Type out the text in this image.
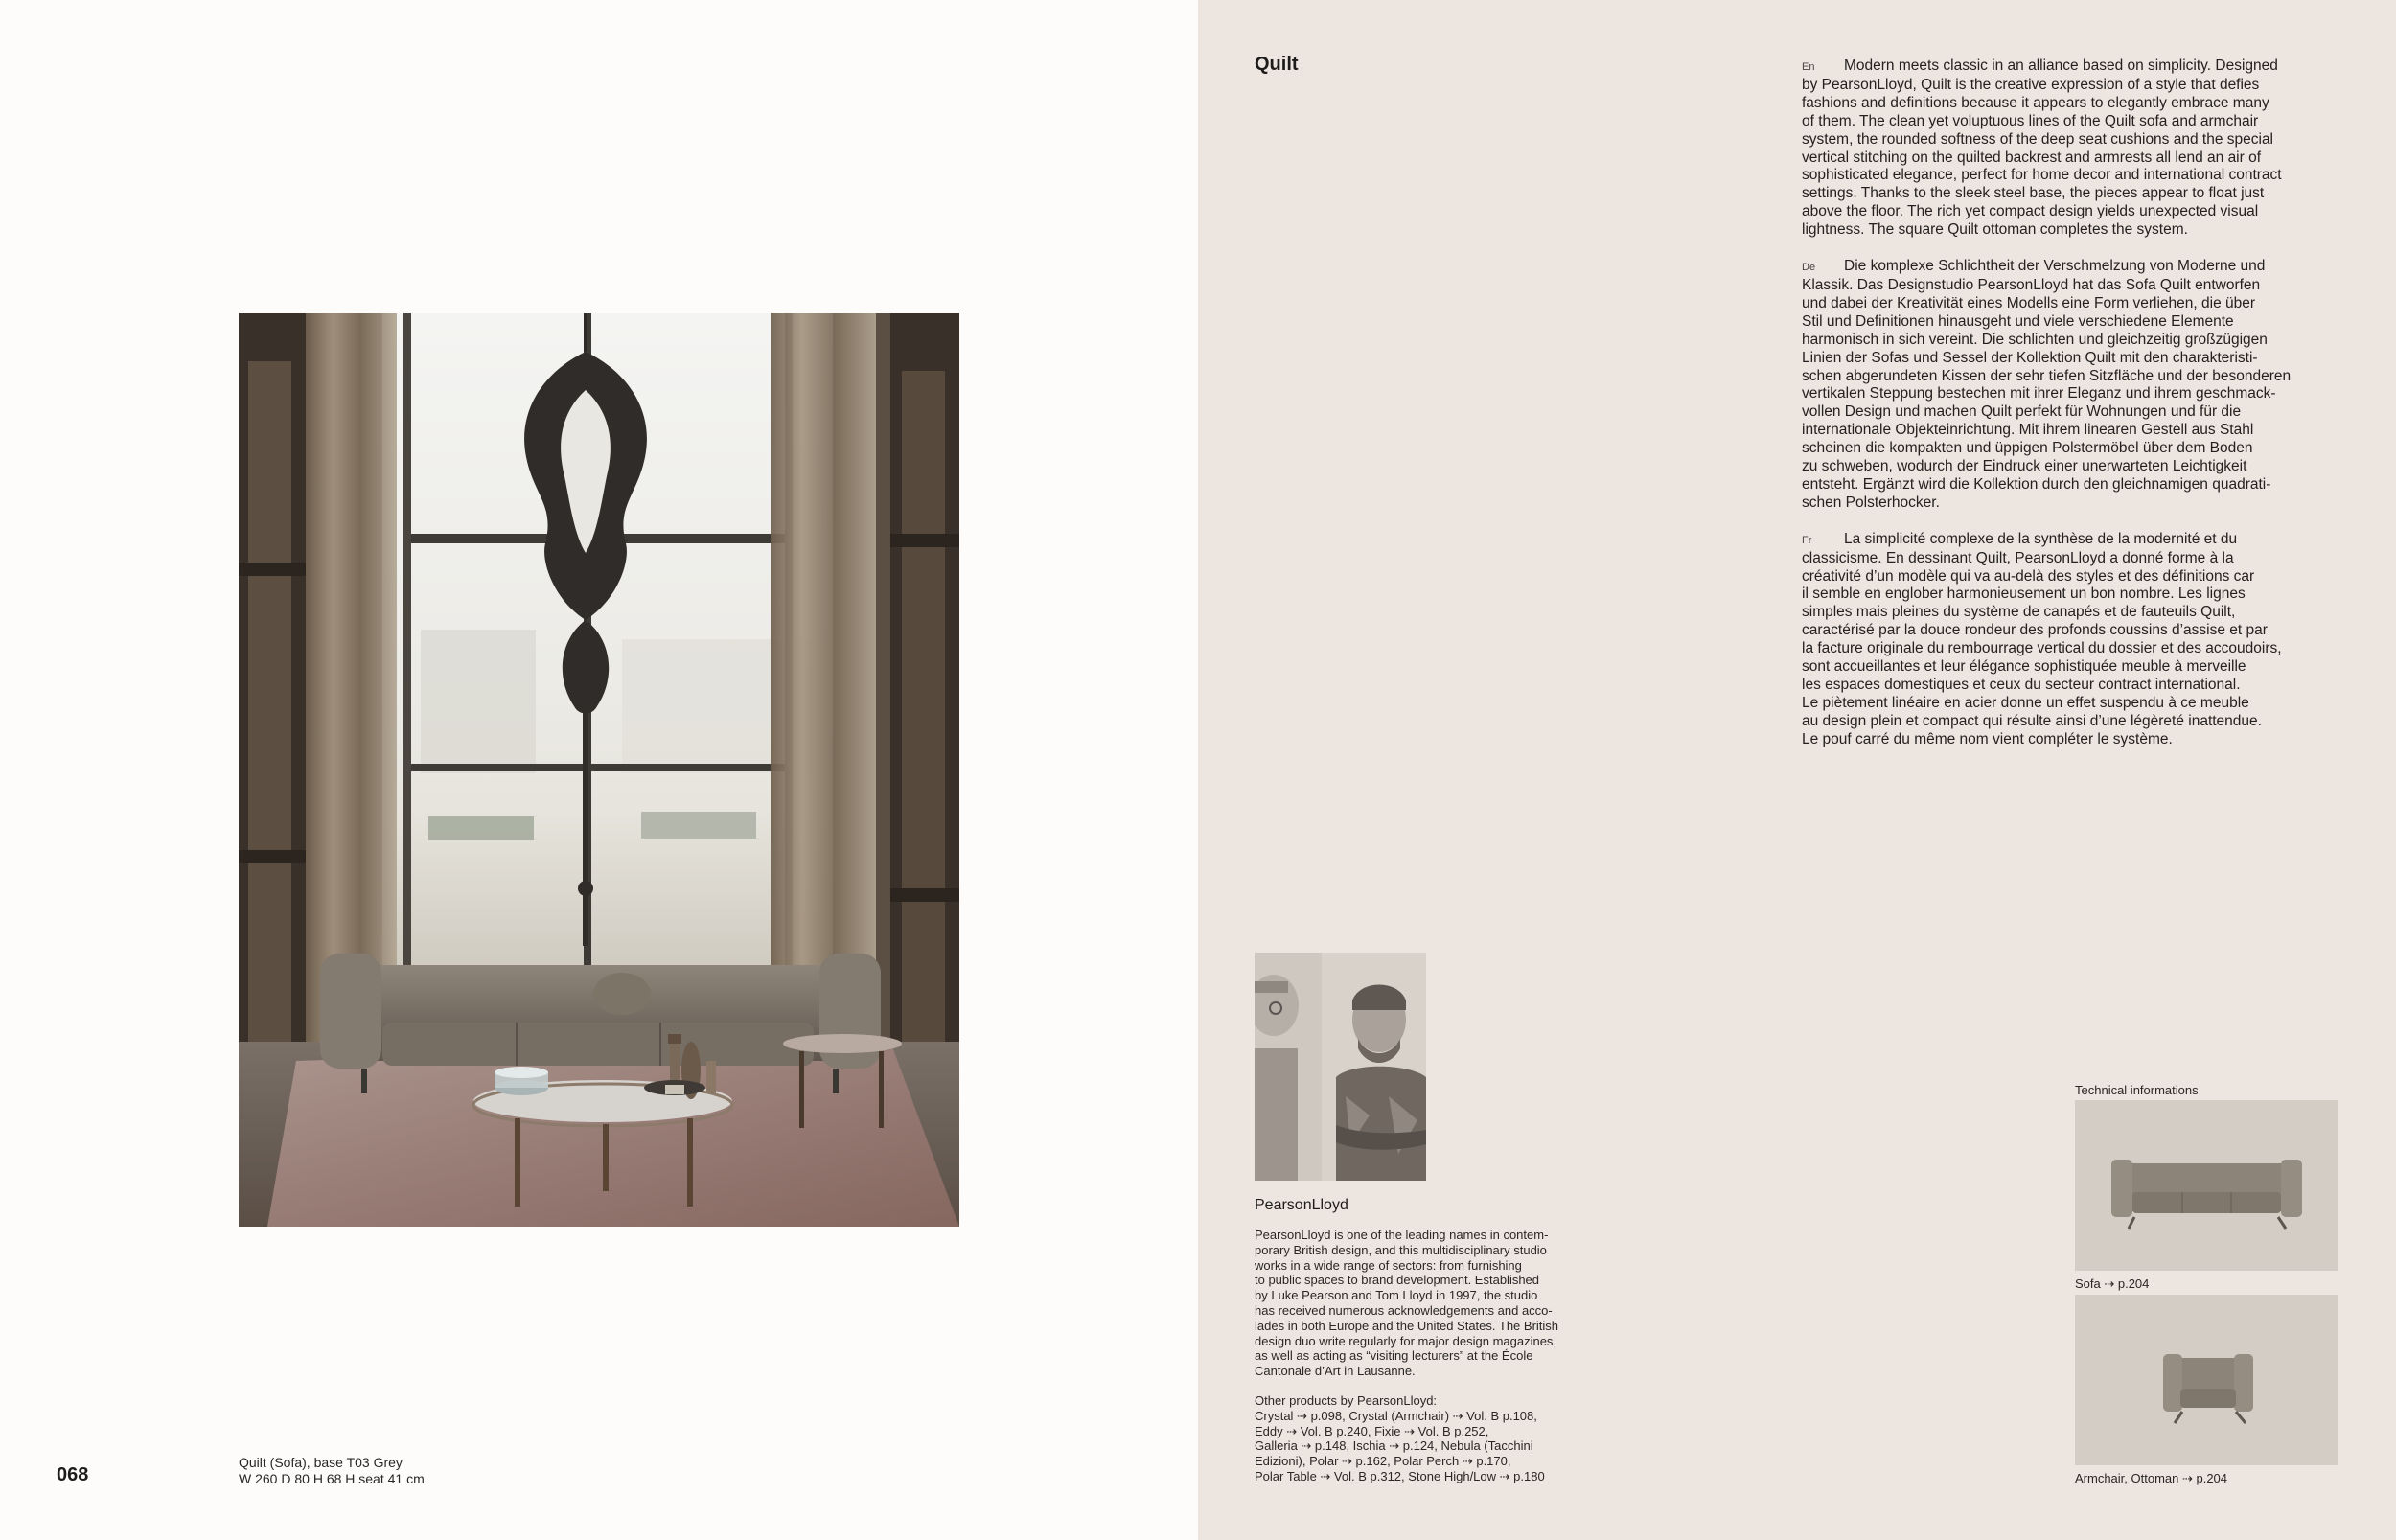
Quilt (Sofa), base T03 Grey
W 260 D 80 H 68 H seat 41 cm
068
Quilt	En Modern meets classic in an alliance based on simplicity. Designed
by PearsonLloyd, Quilt is the creative expression of a style that defies
fashions and definitions because it appears to elegantly embrace many
of them. The clean yet voluptuous lines of the Quilt sofa and armchair
system, the rounded softness of the deep seat cushions and the special
vertical stitching on the quilted backrest and armrests all lend an air of
sophisticated elegance, perfect for home decor and international contract
settings. Thanks to the sleek steel base, the pieces appear to float just
above the floor. The rich yet compact design yields unexpected visual
lightness. The square Quilt ottoman completes the system.
De Die komplexe Schlichtheit der Verschmelzung von Moderne und
Klassik. Das Designstudio PearsonLloyd hat das Sofa Quilt entworfen
und dabei der Kreativität eines Modells eine Form verliehen, die über
Stil und Definitionen hinausgeht und viele verschiedene Elemente
harmonisch in sich vereint. Die schlichten und gleichzeitig großzügigen
Linien der Sofas und Sessel der Kollektion Quilt mit den charakteristi-
schen abgerundeten Kissen der sehr tiefen Sitzfläche und der besonderen
vertikalen Steppung bestechen mit ihrer Eleganz und ihrem geschmack-
vollen Design und machen Quilt perfekt für Wohnungen und für die
internationale Objekteinrichtung. Mit ihrem linearen Gestell aus Stahl
scheinen die kompakten und üppigen Polstermöbel über dem Boden
zu schweben, wodurch der Eindruck einer unerwarteten Leichtigkeit
entsteht. Ergänzt wird die Kollektion durch den gleichnamigen quadrati-
schen Polsterhocker.
Fr La simplicité complexe de la synthèse de la modernité et du
classicisme. En dessinant Quilt, PearsonLloyd a donné forme à la
créativité d’un modèle qui va au-delà des styles et des définitions car
il semble en englober harmonieusement un bon nombre. Les lignes
simples mais pleines du système de canapés et de fauteuils Quilt,
caractérisé par la douce rondeur des profonds coussins d’assise et par
la facture originale du rembourrage vertical du dossier et des accoudoirs,
sont accueillantes et leur élégance sophistiquée meuble à merveille
les espaces domestiques et ceux du secteur contract international.
Le piètement linéaire en acier donne un effet suspendu à ce meuble
au design plein et compact qui résulte ainsi d’une légèreté inattendue.
Le pouf carré du même nom vient compléter le système.
PearsonLloyd
PearsonLloyd is one of the leading names in contem-
porary British design, and this multidisciplinary studio
works in a wide range of sectors: from furnishing
to public spaces to brand development. Established
by Luke Pearson and Tom Lloyd in 1997, the studio
has received numerous acknowledgements and acco-
lades in both Europe and the United States. The British
design duo write regularly for major design magazines,
as well as acting as “visiting lecturers” at the École
Cantonale d’Art in Lausanne.
Other products by PearsonLloyd:
Crystal ⇢ p.098, Crystal (Armchair) ⇢ Vol. B p.108,
Eddy ⇢ Vol. B p.240, Fixie ⇢ Vol. B p.252,
Galleria ⇢ p.148, Ischia ⇢ p.124, Nebula (Tacchini
Edizioni), Polar ⇢ p.162, Polar Perch ⇢ p.170,
Polar Table ⇢ Vol. B p.312, Stone High/Low ⇢ p.180
Technical informations
Sofa ⇢ p.204
Armchair, Ottoman ⇢ p.204
